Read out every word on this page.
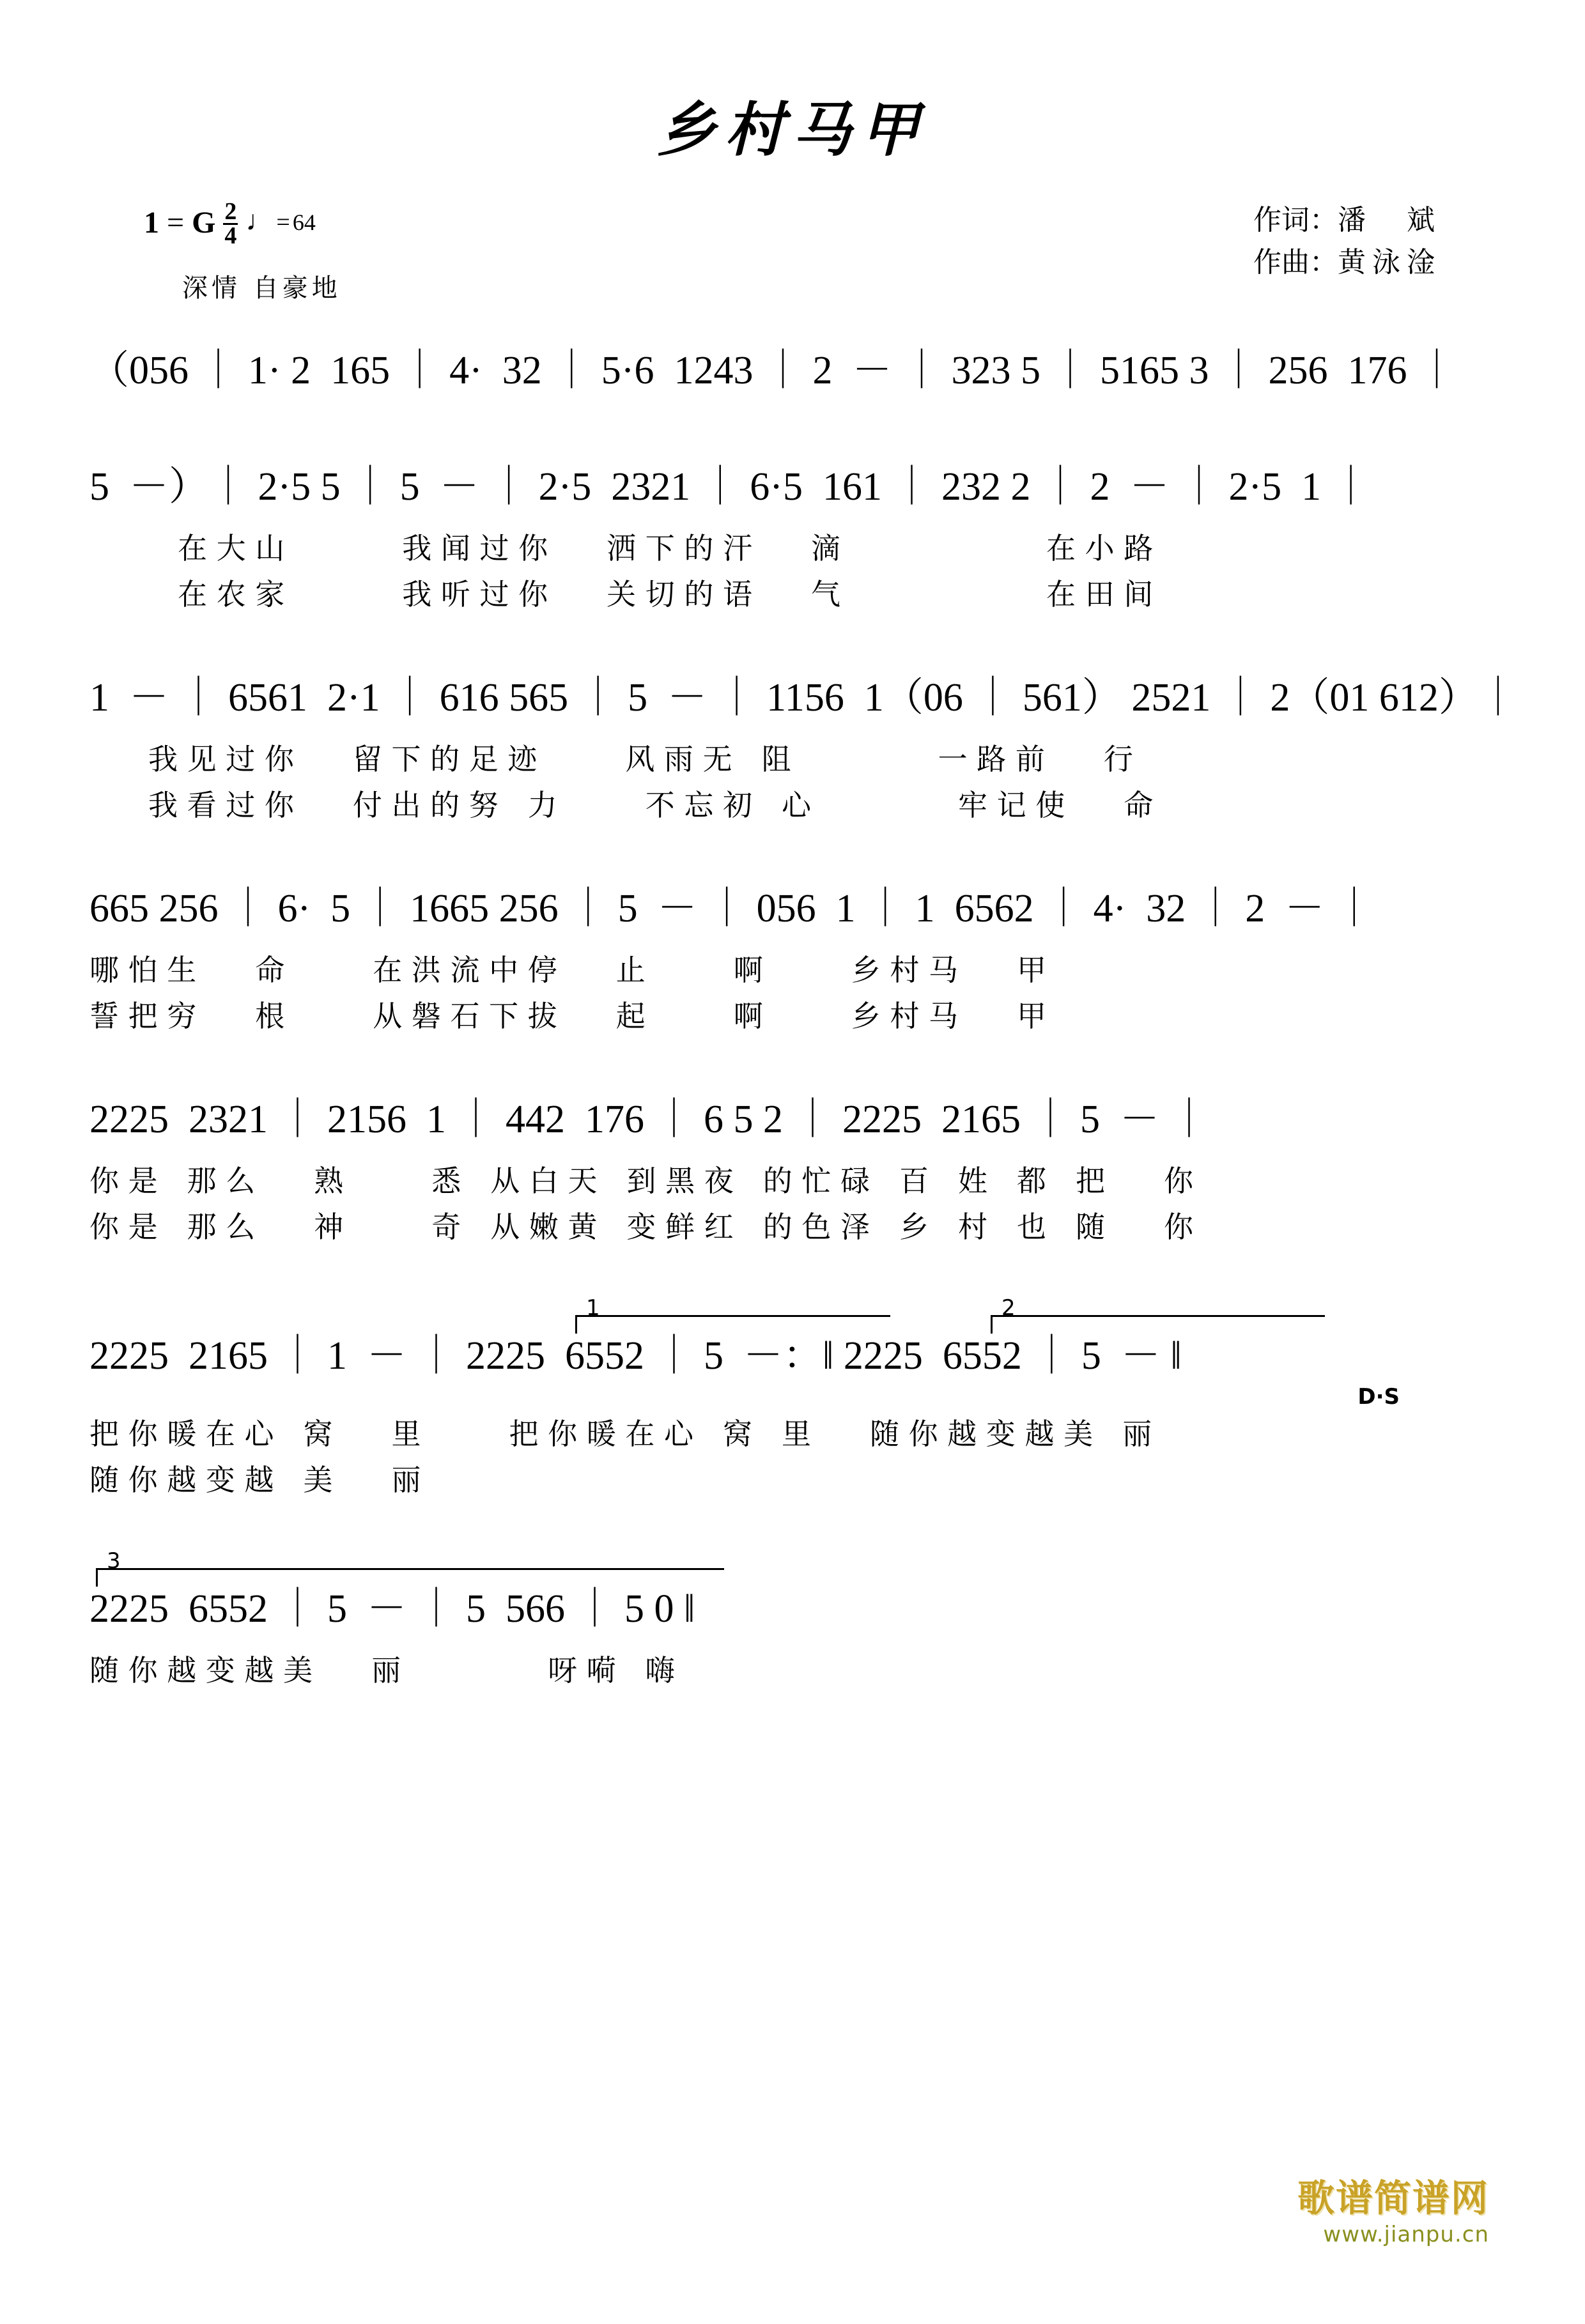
乡村马甲
1 = G $\frac{2}{4}$ ♩ = 64
深情 自豪地
作词：潘　斌
作曲：黄泳淦
（056 ｜ 1· 2  165 ｜ 4·  32 ｜ 5·6  1243 ｜ 2  － ｜ 323 5 ｜ 5165 3 ｜ 256  176 ｜
5  －）｜ 2·5 5 ｜ 5  － ｜ 2·5  2321 ｜ 6·5  161 ｜ 232 2 ｜ 2  － ｜ 2·5  1 ｜
　　　在 大 山　　　　我 闻 过 你　　洒 下 的 汗　　滴　　　　　　　在 小 路
　　　在 农 家　　　　我 听 过 你　　关 切 的 语　　气　　　　　　　在 田 间
1  － ｜ 6561  2·1 ｜ 616 565 ｜ 5  － ｜ 1156  1（06 ｜ 561） 2521 ｜ 2（01 612）｜
　　我 见 过 你　　留 下 的 足 迹　　　风 雨 无　阻　　　　　一 路 前　　行
　　我 看 过 你　　付 出 的 努　力　　　不 忘 初　心　　　　　牢 记 使　　命
665 256 ｜ 6·  5 ｜ 1665 256 ｜ 5  － ｜ 056  1 ｜ 1  6562 ｜ 4·  32 ｜ 2  － ｜
哪 怕 生　　命　　　在 洪 流 中 停　　止　　　啊　　　乡 村 马　　甲
誓 把 穷　　根　　　从 磐 石 下 拔　　起　　　啊　　　乡 村 马　　甲
2225  2321 ｜ 2156  1 ｜ 442  176 ｜ 6 5 2 ｜ 2225  2165 ｜ 5  － ｜
你 是　那 么　　熟　　　悉　从 白 天　到 黑 夜　的 忙 碌　百　姓　都　把　　你
你 是　那 么　　神　　　奇　从 嫩 黄　变 鲜 红　的 色 泽　乡　村　也　随　　你
1	2
2225  2165 ｜ 1  － ｜ 2225  6552 ｜ 5  －：‖ 2225  6552 ｜ 5  － ‖
D·S
把 你 暖 在 心　窝　　里　　　把 你 暖 在 心　窝　里　　随 你 越 变 越 美　丽
随 你 越 变 越　美　　丽
3
2225  6552 ｜ 5  － ｜ 5  566 ｜ 5 0 ‖
随 你 越 变 越 美　　丽　　　　　呀 嗬　嗨
歌谱简谱网
www.jianpu.cn
